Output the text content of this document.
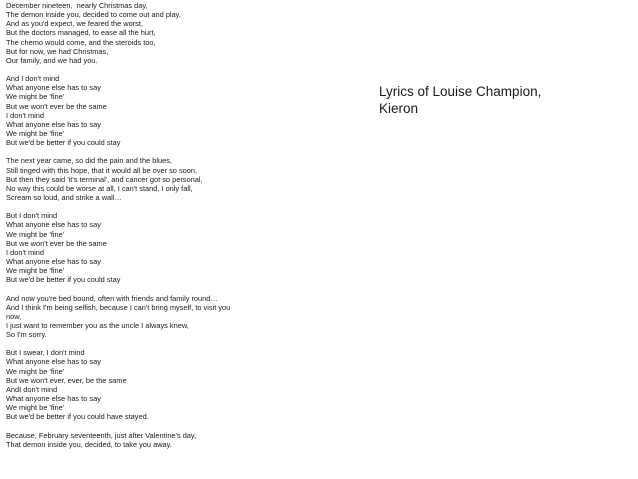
December nineteen,  nearly Christmas day,
The demon inside you, decided to come out and play,
And as you'd expect, we feared the worst,
But the doctors managed, to ease all the hurt,
The chemo would come, and the steroids too,
But for now, we had Christmas,
Our family, and we had you.
And I don't mind
What anyone else has to say
We might be 'fine'
But we won't ever be the same
I don't mind
What anyone else has to say
We might be 'fine'
But we'd be better if you could stay
The next year came, so did the pain and the blues,
Still tinged with this hope, that it would all be over so soon,
But then they said 'it's terminal', and cancer got so personal,
No way this could be worse at all, I can't stand, I only fall,
Scream so loud, and strike a wall…
But I don't mind
What anyone else has to say
We might be 'fine'
But we won't ever be the same
I don't mind
What anyone else has to say
We might be 'fine'
But we'd be better if you could stay
And now you're bed bound, often with friends and family round…
And I think I'm being selfish, because I can't bring myself, to visit you
now,
I just want to remember you as the uncle I always knew,
So I'm sorry.
But I swear, I don't mind
What anyone else has to say
We might be 'fine'
But we won't ever, ever, be the same
AndI don't mind
What anyone else has to say
We might be 'fine'
But we'd be better if you could have stayed.
Because, February seventeenth, just after Valentine's day,
That demon inside you, decided, to take you away.
Lyrics of Louise Champion,
Kieron
